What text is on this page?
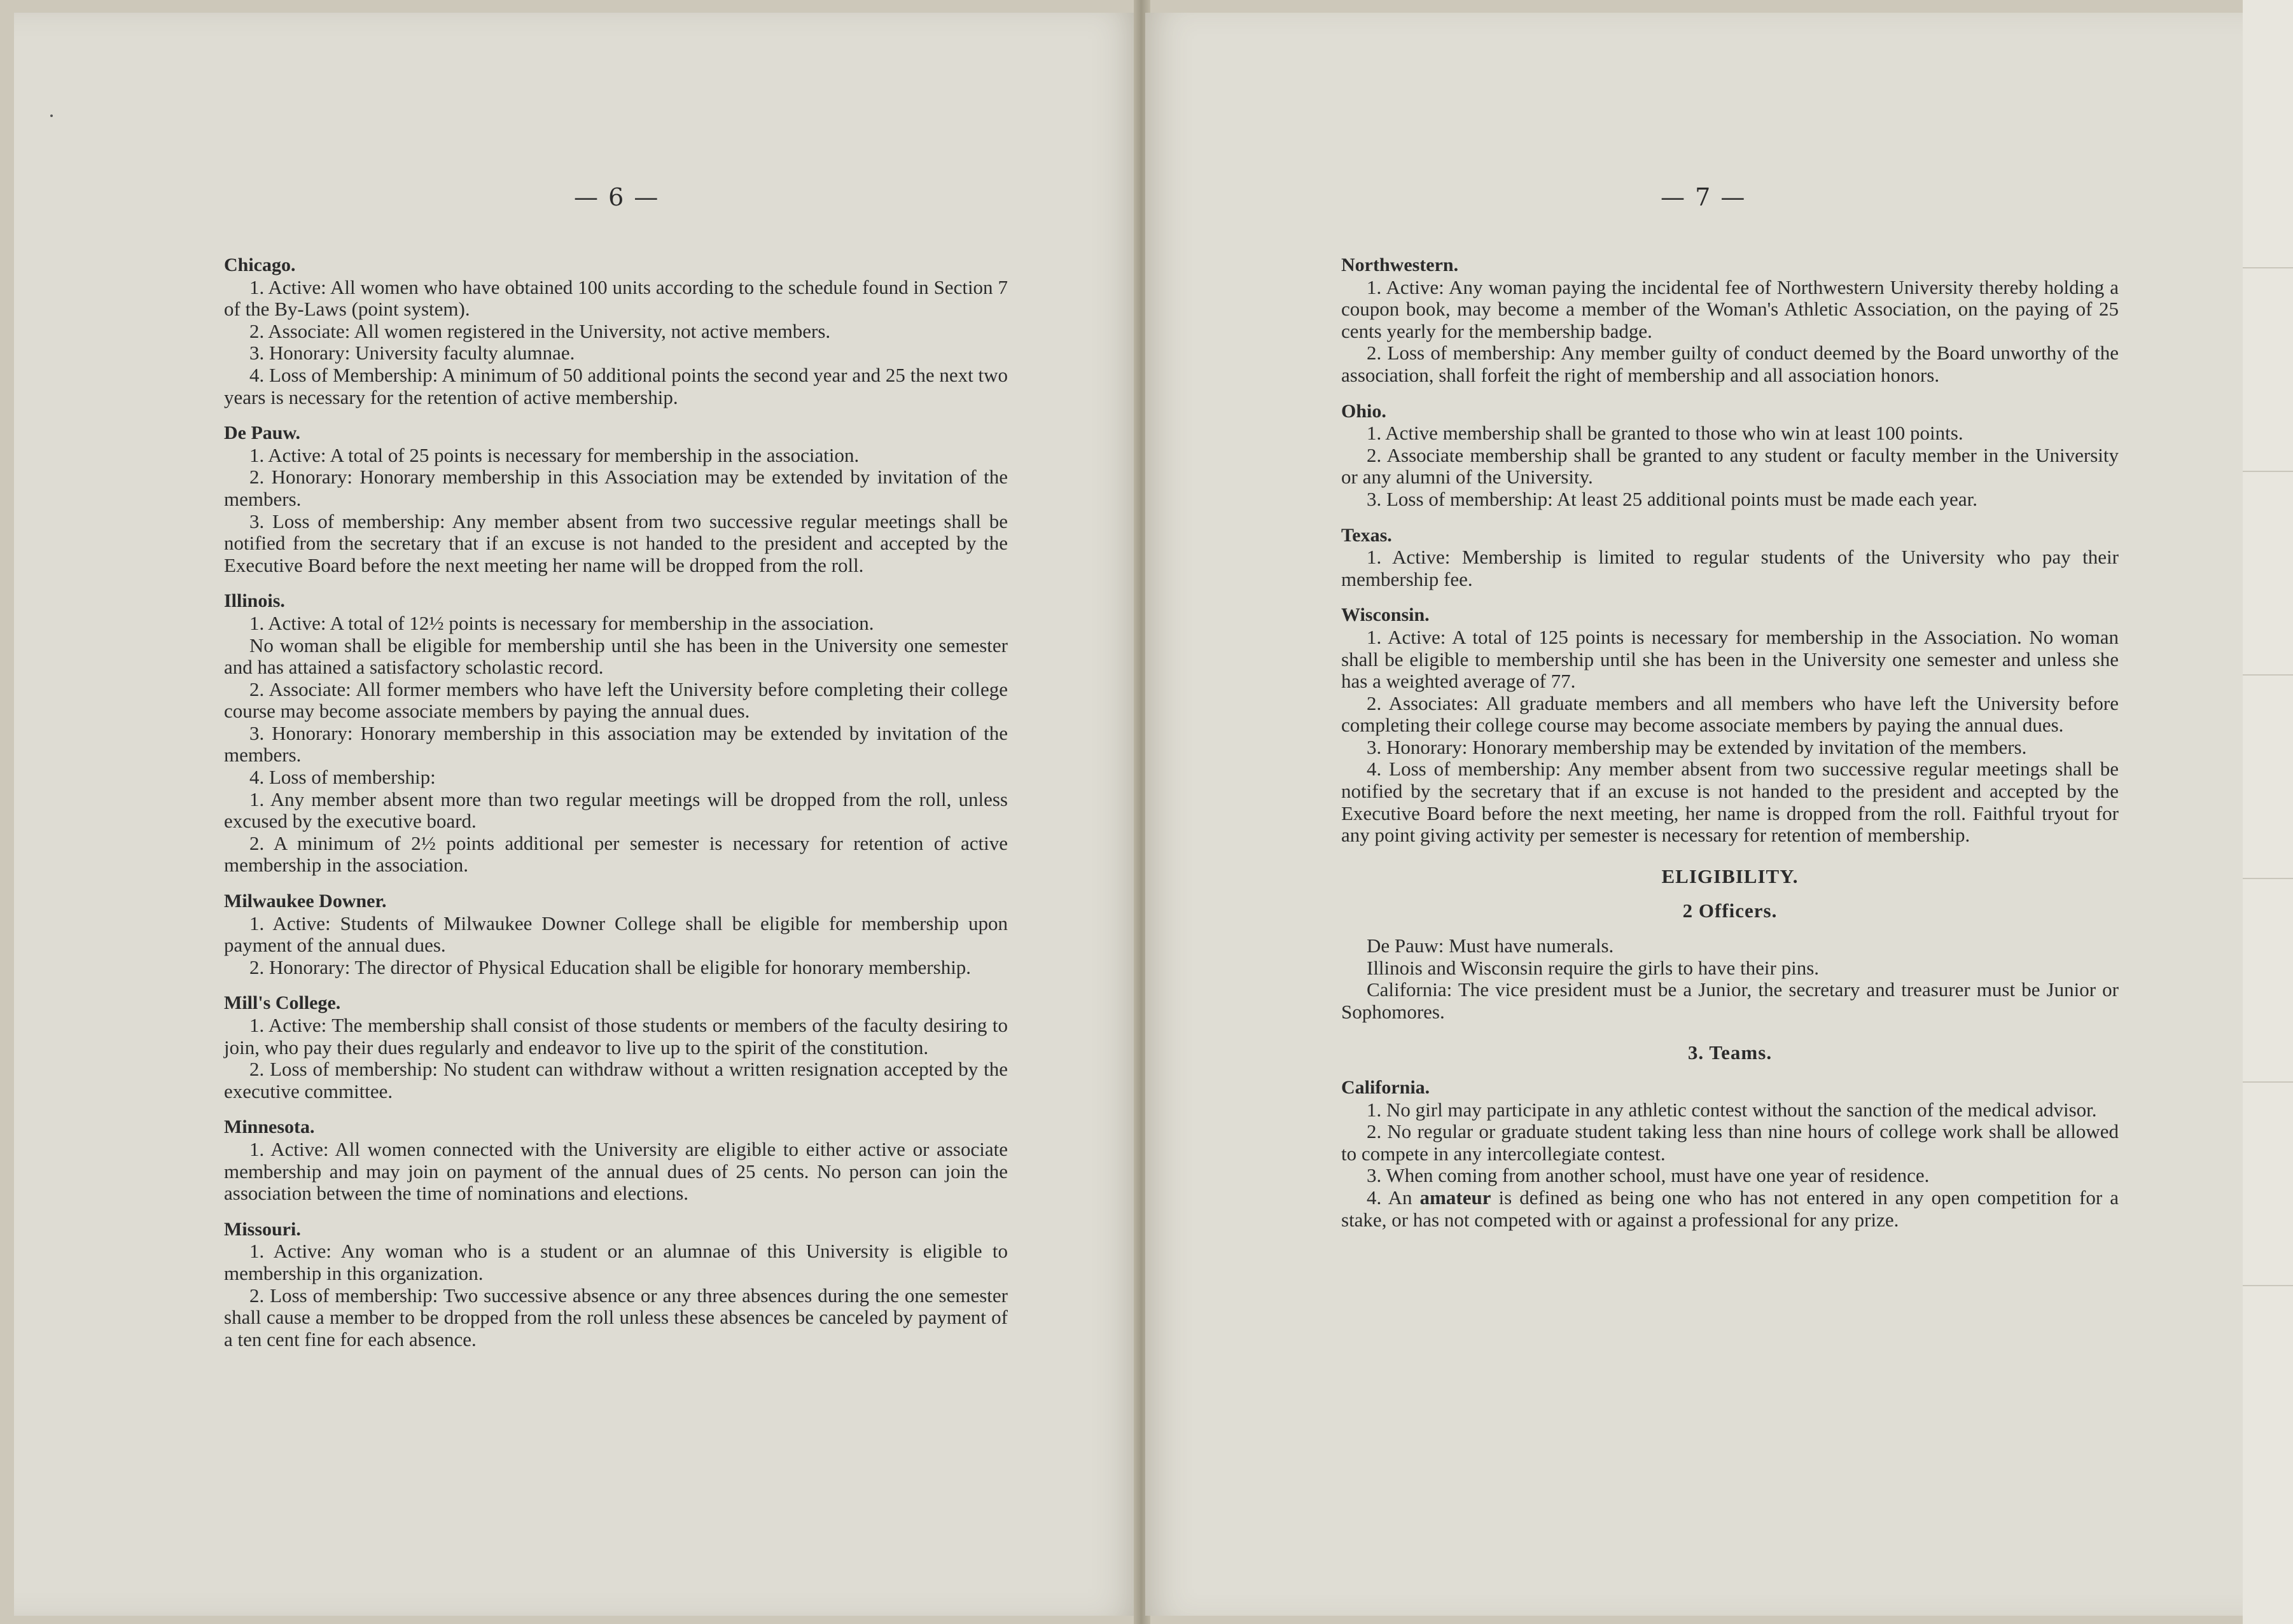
— 6 —
Chicago.
1. Active: All women who have obtained 100 units according to the schedule found in Section 7 of the By-Laws (point system).
2. Associate: All women registered in the University, not active members.
3. Honorary: University faculty alumnae.
4. Loss of Membership: A minimum of 50 additional points the second year and 25 the next two years is necessary for the retention of active membership.
De Pauw.
1. Active: A total of 25 points is necessary for membership in the association.
2. Honorary: Honorary membership in this Association may be extended by invitation of the members.
3. Loss of membership: Any member absent from two successive regular meetings shall be notified from the secretary that if an excuse is not handed to the president and accepted by the Executive Board before the next meeting her name will be dropped from the roll.
Illinois.
1. Active: A total of 12½ points is necessary for membership in the association.
No woman shall be eligible for membership until she has been in the University one semester and has attained a satisfactory scholastic record.
2. Associate: All former members who have left the University before completing their college course may become associate members by paying the annual dues.
3. Honorary: Honorary membership in this association may be extended by invitation of the members.
4. Loss of membership:
1. Any member absent more than two regular meetings will be dropped from the roll, unless excused by the executive board.
2. A minimum of 2½ points additional per semester is necessary for retention of active membership in the association.
Milwaukee Downer.
1. Active: Students of Milwaukee Downer College shall be eligible for membership upon payment of the annual dues.
2. Honorary: The director of Physical Education shall be eligible for honorary membership.
Mill's College.
1. Active: The membership shall consist of those students or members of the faculty desiring to join, who pay their dues regularly and endeavor to live up to the spirit of the constitution.
2. Loss of membership: No student can withdraw without a written resignation accepted by the executive committee.
Minnesota.
1. Active: All women connected with the University are eligible to either active or associate membership and may join on payment of the annual dues of 25 cents. No person can join the association between the time of nominations and elections.
Missouri.
1. Active: Any woman who is a student or an alumnae of this University is eligible to membership in this organization.
2. Loss of membership: Two successive absence or any three absences during the one semester shall cause a member to be dropped from the roll unless these absences be canceled by payment of a ten cent fine for each absence.
— 7 —
Northwestern.
1. Active: Any woman paying the incidental fee of Northwestern University thereby holding a coupon book, may become a member of the Woman's Athletic Association, on the paying of 25 cents yearly for the membership badge.
2. Loss of membership: Any member guilty of conduct deemed by the Board unworthy of the association, shall forfeit the right of membership and all association honors.
Ohio.
1. Active membership shall be granted to those who win at least 100 points.
2. Associate membership shall be granted to any student or faculty member in the University or any alumni of the University.
3. Loss of membership: At least 25 additional points must be made each year.
Texas.
1. Active: Membership is limited to regular students of the University who pay their membership fee.
Wisconsin.
1. Active: A total of 125 points is necessary for membership in the Association. No woman shall be eligible to membership until she has been in the University one semester and unless she has a weighted average of 77.
2. Associates: All graduate members and all members who have left the University before completing their college course may become associate members by paying the annual dues.
3. Honorary: Honorary membership may be extended by invitation of the members.
4. Loss of membership: Any member absent from two successive regular meetings shall be notified by the secretary that if an excuse is not handed to the president and accepted by the Executive Board before the next meeting, her name is dropped from the roll. Faithful tryout for any point giving activity per semester is necessary for retention of membership.
ELIGIBILITY.
2 Officers.
De Pauw: Must have numerals.
Illinois and Wisconsin require the girls to have their pins.
California: The vice president must be a Junior, the secretary and treasurer must be Junior or Sophomores.
3. Teams.
California.
1. No girl may participate in any athletic contest without the sanction of the medical advisor.
2. No regular or graduate student taking less than nine hours of college work shall be allowed to compete in any intercollegiate contest.
3. When coming from another school, must have one year of residence.
4. An amateur is defined as being one who has not entered in any open competition for a stake, or has not competed with or against a professional for any prize.
